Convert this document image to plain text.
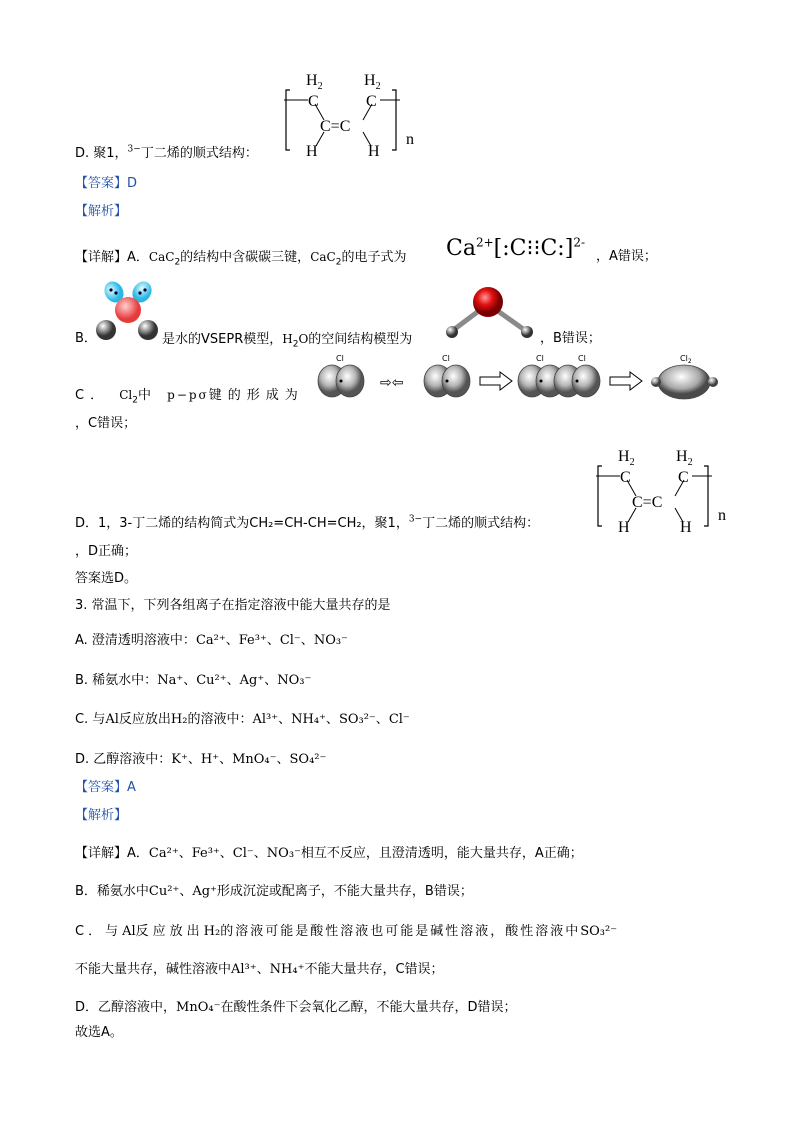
$H_2$	$H_2$
C	C
C=C
H	H
n
D. 聚1，$^{3-}$丁二烯的顺式结构：
【答案】D
【解析】
【详解】A．CaC$_2$的结构中含碳碳三键，CaC$_2$的电子式为 $Ca^{2+}[:C⁝⁝C:]^{2-}$
，A错误；
B．	是水的VSEPR模型，$H_2O$的空间结构模型为	，B错误；
C． $Cl_2$中 p−pσ键的形成为
Cl
⇨⇦
Cl	Cl	Cl	$Cl_2$
，C错误；
$H_2$	$H_2$
C	C
C=C
H	H
n
D．1，3-丁二烯的结构简式为CH₂=CH-CH=CH₂，聚1，$^{3-}$丁二烯的顺式结构：
，D正确；
答案选D。
3. 常温下，下列各组离子在指定溶液中能大量共存的是
A. 澄清透明溶液中：Ca²⁺、Fe³⁺、Cl⁻、NO₃⁻
B. 稀氨水中：Na⁺、Cu²⁺、Ag⁺、NO₃⁻
C. 与Al反应放出H₂的溶液中：Al³⁺、NH₄⁺、SO₃²⁻、Cl⁻
D. 乙醇溶液中：K⁺、H⁺、MnO₄⁻、SO₄²⁻
【答案】A
【解析】
【详解】A．Ca²⁺、Fe³⁺、Cl⁻、NO₃⁻相互不反应，且澄清透明，能大量共存，A正确；
B．稀氨水中Cu²⁺、Ag⁺形成沉淀或配离子，不能大量共存，B错误；
C．与Al反应放出H₂的溶液可能是酸性溶液也可能是碱性溶液，酸性溶液中SO₃²⁻
不能大量共存，碱性溶液中Al³⁺、NH₄⁺不能大量共存，C错误；
D．乙醇溶液中，MnO₄⁻在酸性条件下会氧化乙醇，不能大量共存，D错误；
故选A。
